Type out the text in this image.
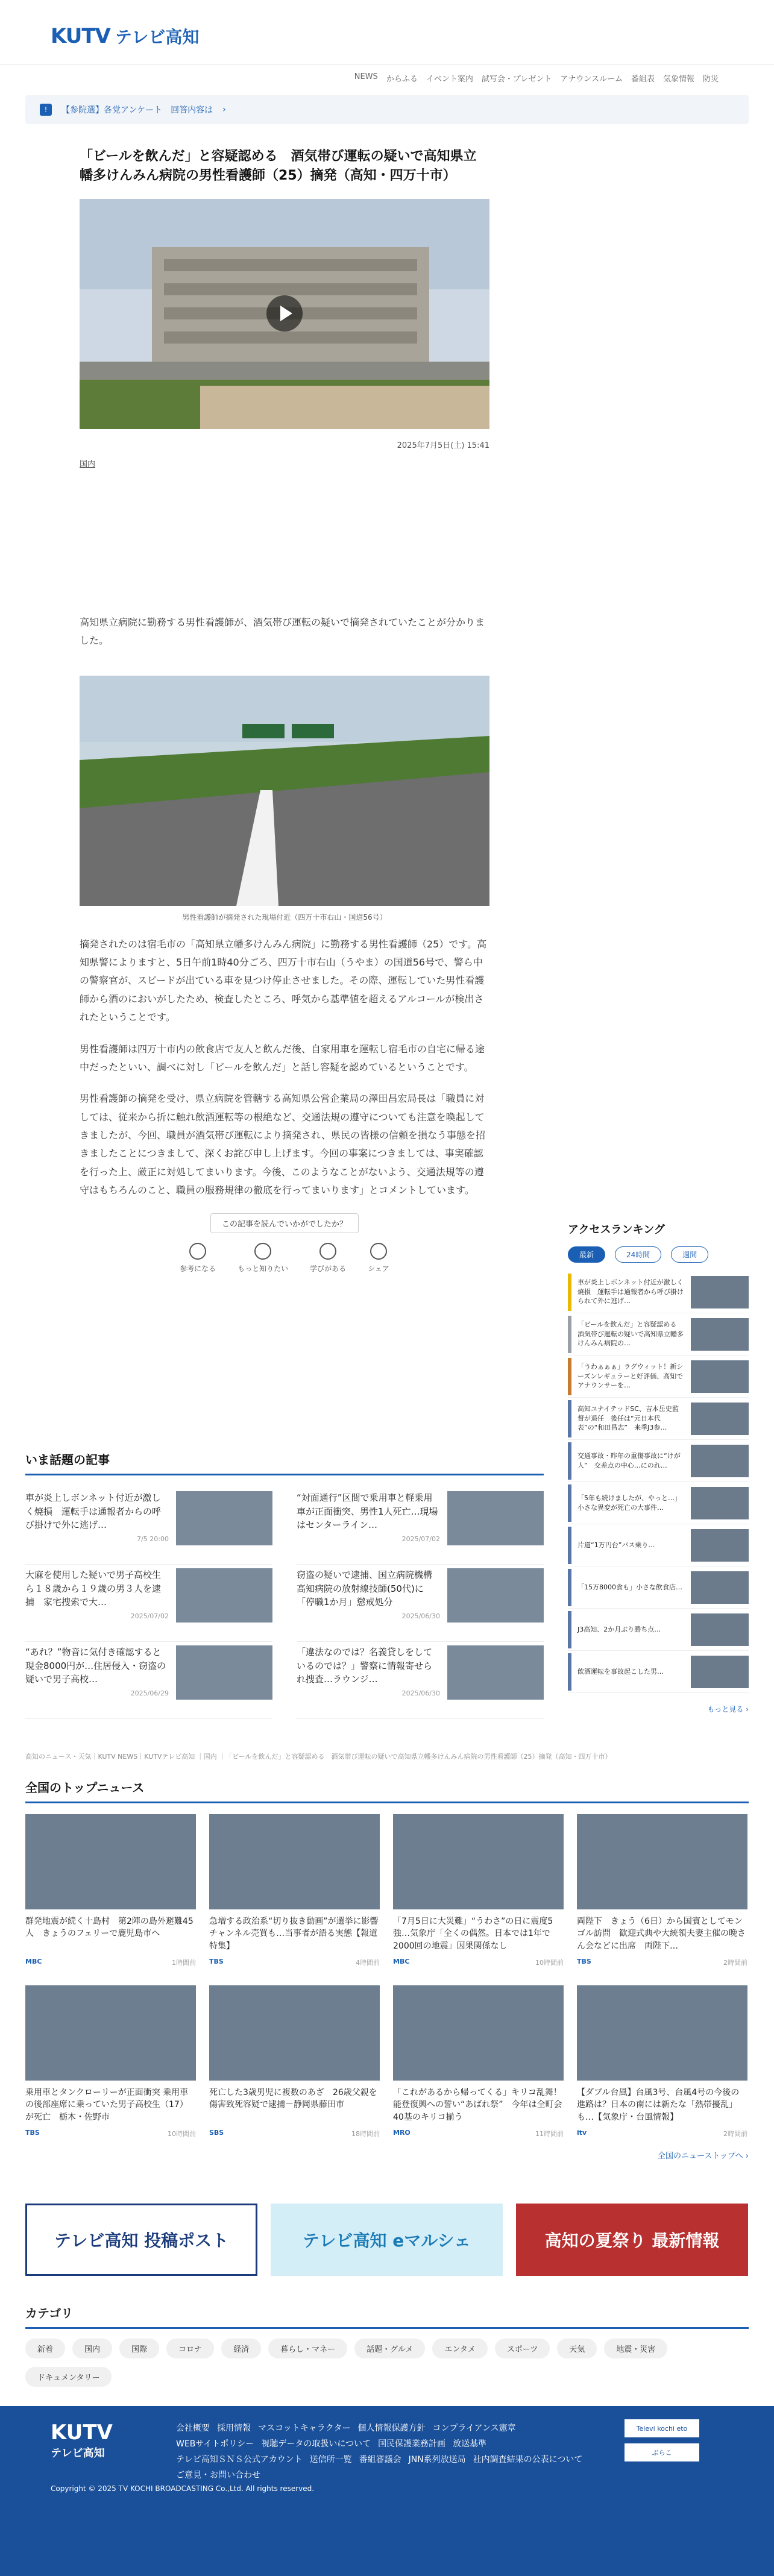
KUTV テレビ高知
NEWS からふる イベント案内 試写会・プレゼント アナウンスルーム 番組表 気象情報 防災
!	【参院選】各党アンケート　回答内容は ›
「ビールを飲んだ」と容疑認める　酒気帯び運転の疑いで高知県立幡多けんみん病院の男性看護師（25）摘発（高知・四万十市）
2025年7月5日(土) 15:41
国内

高知県立病院に勤務する男性看護師が、酒気帯び運転の疑いで摘発されていたことが分かりました。

男性看護師が摘発された現場付近（四万十市右山・国道56号）

摘発されたのは宿毛市の「高知県立幡多けんみん病院」に勤務する男性看護師（25）です。高知県警によりますと、5日午前1時40分ごろ、四万十市右山（うやま）の国道56号で、警ら中の警察官が、スピードが出ている車を見つけ停止させました。その際、運転していた男性看護師から酒のにおいがしたため、検査したところ、呼気から基準値を超えるアルコールが検出されたということです。

男性看護師は四万十市内の飲食店で友人と飲んだ後、自家用車を運転し宿毛市の自宅に帰る途中だったといい、調べに対し「ビールを飲んだ」と話し容疑を認めているということです。

男性看護師の摘発を受け、県立病院を管轄する高知県公営企業局の澤田昌宏局長は「職員に対しては、従来から折に触れ飲酒運転等の根絶など、交通法規の遵守についても注意を喚起してきましたが、今回、職員が酒気帯び運転により摘発され、県民の皆様の信頼を損なう事態を招きましたことにつきまして、深くお詫び申し上げます。今回の事案につきましては、事実確認を行った上、厳正に対処してまいります。今後、このようなことがないよう、交通法規等の遵守はもちろんのこと、職員の服務規律の徹底を行ってまいります」とコメントしています。

この記事を読んでいかがでしたか？
参考になる	もっと知りたい	学びがある	シェア
アクセスランキング
最新	24時間	週間
車が炎上しボンネット付近が激しく焼損　運転手は通報者から呼び掛けられて外に逃げ…
「ビールを飲んだ」と容疑認める　酒気帯び運転の疑いで高知県立幡多けんみん病院の…
「うわぁぁぁ」ラグウィット！新シーズンレギュラーと好評価、高知でアナウンサーを…
高知ユナイテッドSC、吉本岳史監督が退任　後任は“元日本代表”の“和田昌志”　来季J3参…
交通事故・昨年の重傷事故に“けが人”　交差点の中心…にのれ…
「5年も続けましたが、やっと…」小さな異変が死亡の大事件…
片道“1万円台”バス乗り…
「15万8000食も」小さな飲食店…
J3高知、2か月ぶり勝ち点…
飲酒運転を事故起こした男…
もっと見る ›
いま話題の記事
車が炎上しボンネット付近が激しく焼損　運転手は通報者からの呼び掛けで外に逃げ…
7/5 20:00
“対面通行”区間で乗用車と軽乗用車が正面衝突、男性1人死亡…現場はセンターライン…
2025/07/02
大麻を使用した疑いで男子高校生ら１８歳から１９歳の男３人を逮捕　家宅捜索で大…
2025/07/02
窃盗の疑いで逮捕、国立病院機構高知病院の放射線技師(50代)に「停職1か月」懲戒処分
2025/06/30
“あれ？”物音に気付き確認すると現金8000円が…住居侵入・窃盗の疑いで男子高校…
2025/06/29
「違法なのでは？名義貸しをしているのでは？」警察に情報寄せられ捜査…ラウンジ…
2025/06/30
高知のニュース・天気｜KUTV NEWS｜KUTVテレビ高知 ｜国内 ｜「ビールを飲んだ」と容疑認める　酒気帯び運転の疑いで高知県立幡多けんみん病院の男性看護師（25）摘発（高知・四万十市）
全国のトップニュース
群発地震が続く十島村　第2陣の島外避難45人　きょうのフェリーで鹿児島市へ
MBC	1時間前
急増する政治系“切り抜き動画”が選挙に影響 チャンネル売買も…当事者が語る実態【報道特集】
TBS	4時間前
「7月5日に大災難」“うわさ”の日に震度5強…気象庁「全くの偶然。日本では1年で2000回の地震」因果関係なし
MBC	10時間前
両陛下　きょう（6日）から国賓としてモンゴル訪問　歓迎式典や大統領夫妻主催の晩さん会などに出席　両陛下…
TBS	2時間前
乗用車とタンクローリーが正面衝突 乗用車の後部座席に乗っていた男子高校生（17）が死亡　栃木・佐野市
TBS	10時間前
死亡した3歳男児に複数のあざ　26歳父親を傷害致死容疑で逮捕－静岡県藤田市
SBS	18時間前
「これがあるから帰ってくる」キリコ乱舞！能登復興への誓い“あばれ祭”　今年は全町会40基のキリコ揃う
MRO	11時間前
【ダブル台風】台風3号、台風4号の今後の進路は？日本の南には新たな「熱帯擾乱」も…【気象庁・台風情報】
itv	2時間前
全国のニューストップへ ›
テレビ高知 投稿ポスト	テレビ高知 eマルシェ	高知の夏祭り 最新情報
カテゴリ
新着	国内	国際	コロナ	経済	暮らし・マネー	話題・グルメ	エンタメ	スポーツ	天気	地震・災害
ドキュメンタリー
KUTV
テレビ高知
会社概要 採用情報 マスコットキャラクター 個人情報保護方針 コンプライアンス憲章
WEBサイトポリシー 視聴データの取扱いについて 国民保護業務計画 放送基準
テレビ高知ＳＮＳ公式アカウント 送信所一覧 番組審議会 JNN系列放送局 社内調査結果の公表について
ご意見・お問い合わせ
Televi kochi eto
ぶらこ
Copyright © 2025 TV KOCHI BROADCASTING Co.,Ltd. All rights reserved.
